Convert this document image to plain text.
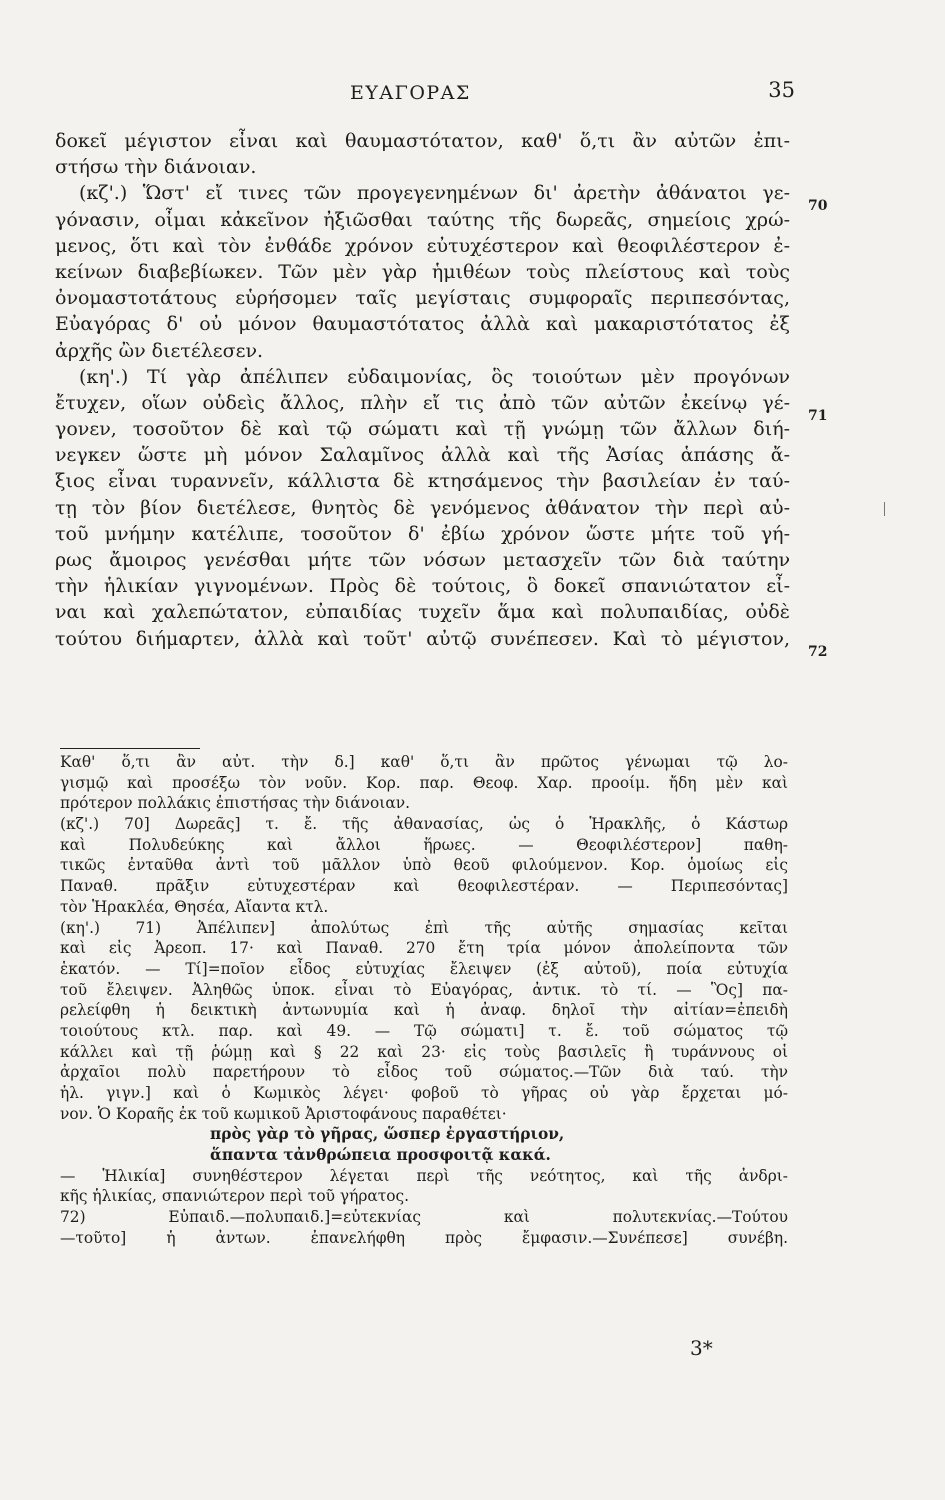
ΕΥΑΓΟΡΑΣ	35
δοκεῖ μέγιστον εἶναι καὶ θαυμαστότατον, καθ' ὅ,τι ἂν αὐτῶν ἐπι-
στήσω τὴν διάνοιαν.
(κζ'.) Ὥστ' εἴ τινες τῶν προγεγενημένων δι' ἀρετὴν ἀθάνατοι γε-
γόνασιν, οἶμαι κἀκεῖνον ἠξιῶσθαι ταύτης τῆς δωρεᾶς, σημείοις χρώ-
μενος, ὅτι καὶ τὸν ἐνθάδε χρόνον εὐτυχέστερον καὶ θεοφιλέστερον ἐ-
κείνων διαβεβίωκεν. Τῶν μὲν γὰρ ἡμιθέων τοὺς πλείστους καὶ τοὺς
ὀνομαστοτάτους εὑρήσομεν ταῖς μεγίσταις συμφοραῖς περιπεσόντας,
Εὐαγόρας δ' οὐ μόνον θαυμαστότατος ἀλλὰ καὶ μακαριστότατος ἐξ
ἀρχῆς ὢν διετέλεσεν.
(κη'.) Τί γὰρ ἀπέλιπεν εὐδαιμονίας, ὃς τοιούτων μὲν προγόνων
ἔτυχεν, οἵων οὐδεὶς ἄλλος, πλὴν εἴ τις ἀπὸ τῶν αὐτῶν ἐκείνῳ γέ-
γονεν, τοσοῦτον δὲ καὶ τῷ σώματι καὶ τῇ γνώμῃ τῶν ἄλλων διή-
νεγκεν ὥστε μὴ μόνον Σαλαμῖνος ἀλλὰ καὶ τῆς Ἀσίας ἁπάσης ἄ-
ξιος εἶναι τυραννεῖν, κάλλιστα δὲ κτησάμενος τὴν βασιλείαν ἐν ταύ-
τῃ τὸν βίον διετέλεσε, θνητὸς δὲ γενόμενος ἀθάνατον τὴν περὶ αὐ-
τοῦ μνήμην κατέλιπε, τοσοῦτον δ' ἐβίω χρόνον ὥστε μήτε τοῦ γή-
ρως ἄμοιρος γενέσθαι μήτε τῶν νόσων μετασχεῖν τῶν διὰ ταύτην
τὴν ἡλικίαν γιγνομένων. Πρὸς δὲ τούτοις, ὃ δοκεῖ σπανιώτατον εἶ-
ναι καὶ χαλεπώτατον, εὐπαιδίας τυχεῖν ἅμα καὶ πολυπαιδίας, οὐδὲ
τούτου διήμαρτεν, ἀλλὰ καὶ τοῦτ' αὐτῷ συνέπεσεν. Καὶ τὸ μέγιστον,
70
71
72
Καθ' ὅ,τι ἂν αὐτ. τὴν δ.] καθ' ὅ,τι ἂν πρῶτος γένωμαι τῷ λο-
γισμῷ καὶ προσέξω τὸν νοῦν. Κορ. παρ. Θεοφ. Χαρ. προοίμ. ἤδη μὲν καὶ
πρότερον πολλάκις ἐπιστήσας τὴν διάνοιαν.
(κζ'.) 70] Δωρεᾶς] τ. ἔ. τῆς ἀθανασίας, ὡς ὁ Ἡρακλῆς, ὁ Κάστωρ
καὶ Πολυδεύκης καὶ ἄλλοι ἥρωες. — Θεοφιλέστερον] παθη-
τικῶς ἐνταῦθα ἀντὶ τοῦ μᾶλλον ὑπὸ θεοῦ φιλούμενον. Κορ. ὁμοίως εἰς
Παναθ. πρᾶξιν εὐτυχεστέραν καὶ θεοφιλεστέραν. — Περιπεσόντας]
τὸν Ἡρακλέα, Θησέα, Αἴαντα κτλ.
(κη'.) 71) Ἀπέλιπεν] ἀπολύτως ἐπὶ τῆς αὐτῆς σημασίας κεῖται
καὶ εἰς Ἀρεοπ. 17· καὶ Παναθ. 270 ἔτη τρία μόνον ἀπολείποντα τῶν
ἑκατόν. — Τί]=ποῖον εἶδος εὐτυχίας ἔλειψεν (ἐξ αὐτοῦ), ποία εὐτυχία
τοῦ ἔλειψεν. Ἀληθῶς ὑποκ. εἶναι τὸ Εὐαγόρας, ἀντικ. τὸ τί. — Ὃς] πα-
ρελείφθη ἡ δεικτικὴ ἀντωνυμία καὶ ἡ ἀναφ. δηλοῖ τὴν αἰτίαν=ἐπειδὴ
τοιούτους κτλ. παρ. καὶ 49. — Τῷ σώματι] τ. ἔ. τοῦ σώματος τῷ
κάλλει καὶ τῇ ῥώμῃ καὶ § 22 καὶ 23· εἰς τοὺς βασιλεῖς ἢ τυράννους οἱ
ἀρχαῖοι πολὺ παρετήρουν τὸ εἶδος τοῦ σώματος.—Τῶν διὰ ταύ. τὴν
ἡλ. γιγν.] καὶ ὁ Κωμικὸς λέγει· φοβοῦ τὸ γῆρας οὐ γὰρ ἔρχεται μό-
νον. Ὁ Κοραῆς ἐκ τοῦ κωμικοῦ Ἀριστοφάνους παραθέτει·
πρὸς γὰρ τὸ γῆρας, ὥσπερ ἐργαστήριον,
ἅπαντα τἀνθρώπεια προσφοιτᾷ κακά.
— Ἡλικία] συνηθέστερον λέγεται περὶ τῆς νεότητος, καὶ τῆς ἀνδρι-
κῆς ἡλικίας, σπανιώτερον περὶ τοῦ γήρατος.
72) Εὐπαιδ.—πολυπαιδ.]=εὐτεκνίας καὶ πολυτεκνίας.—Τούτου
—τοῦτο] ἡ ἀντων. ἐπανελήφθη πρὸς ἔμφασιν.—Συνέπεσε] συνέβη.
3*
